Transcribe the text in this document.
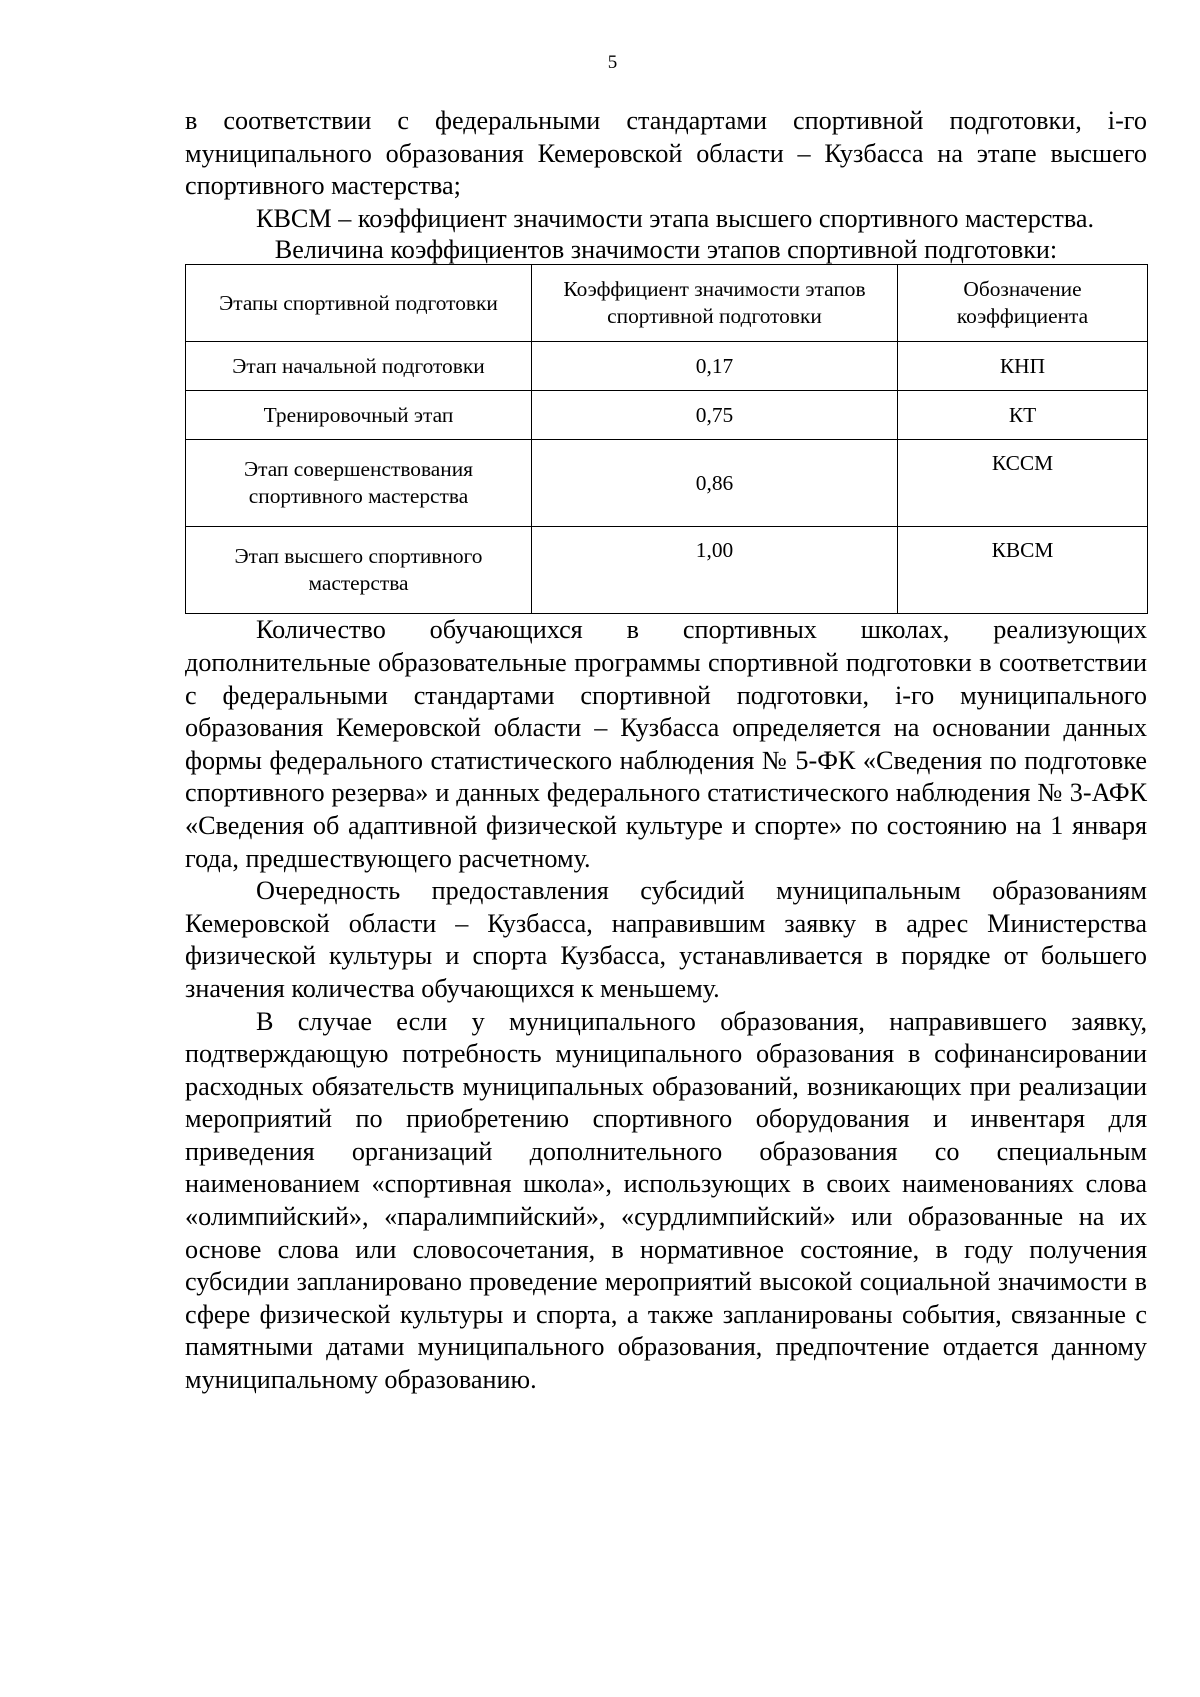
5

в соответствии с федеральными стандартами спортивной подготовки, i-го муниципального образования Кемеровской области – Кузбасса на этапе высшего спортивного мастерства;

КВСМ – коэффициент значимости этапа высшего спортивного мастерства.

Величина коэффициентов значимости этапов спортивной подготовки:
Этапы спортивной подготовки	Коэффициент значимости этапов спортивной подготовки	Обозначение коэффициента
Этап начальной подготовки	0,17	КНП
Тренировочный этап	0,75	КТ
Этап совершенствования спортивного мастерства	0,86	КССМ
Этап высшего спортивного мастерства	1,00	КВСМ

Количество обучающихся в спортивных школах, реализующих дополнительные образовательные программы спортивной подготовки в соответствии с федеральными стандартами спортивной подготовки, i-го муниципального образования Кемеровской области – Кузбасса определяется на основании данных формы федерального статистического наблюдения № 5-ФК «Сведения по подготовке спортивного резерва» и данных федерального статистического наблюдения № 3-АФК «Сведения об адаптивной физической культуре и спорте» по состоянию на 1 января года, предшествующего расчетному.

Очередность предоставления субсидий муниципальным образованиям Кемеровской области – Кузбасса, направившим заявку в адрес Министерства физической культуры и спорта Кузбасса, устанавливается в порядке от большего значения количества обучающихся к меньшему.

В случае если у муниципального образования, направившего заявку, подтверждающую потребность муниципального образования в софинансировании расходных обязательств муниципальных образований, возникающих при реализации мероприятий по приобретению спортивного оборудования и инвентаря для приведения организаций дополнительного образования со специальным наименованием «спортивная школа», использующих в своих наименованиях слова «олимпийский», «паралимпийский», «сурдлимпийский» или образованные на их основе слова или словосочетания, в нормативное состояние, в году получения субсидии запланировано проведение мероприятий высокой социальной значимости в сфере физической культуры и спорта, а также запланированы события, связанные с памятными датами муниципального образования, предпочтение отдается данному муниципальному образованию.
